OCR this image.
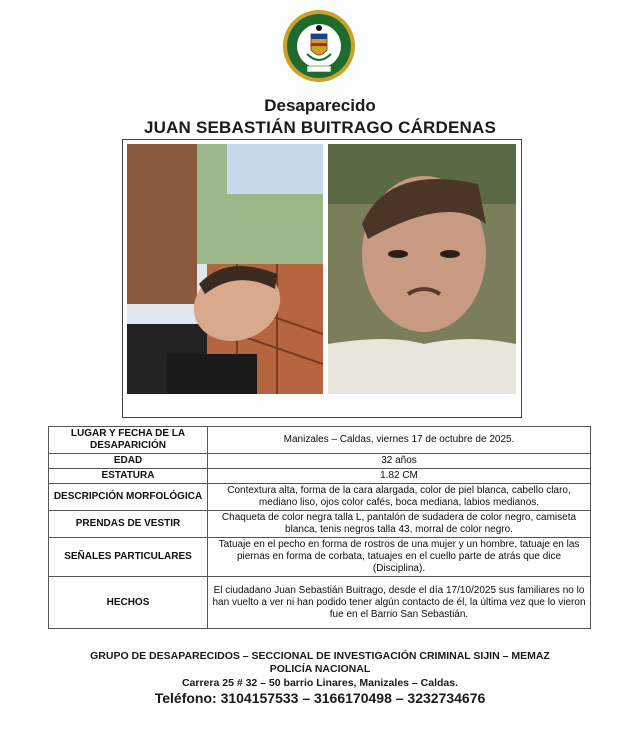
Desaparecido
JUAN SEBASTIÁN BUITRAGO CÁRDENAS
LUGAR Y FECHA DE LA DESAPARICIÓN	Manizales – Caldas, viernes 17 de octubre de 2025.
EDAD	32 años
ESTATURA	1.82 CM
DESCRIPCIÓN MORFOLÓGICA	Contextura alta, forma de la cara alargada, color de piel blanca, cabello claro, mediano liso, ojos color cafés, boca mediana, labios medianos.
PRENDAS DE VESTIR	Chaqueta de color negra talla L, pantalón de sudadera de color negro, camiseta blanca, tenis negros talla 43, morral de color negro.
SEÑALES PARTICULARES	Tatuaje en el pecho en forma de rostros de una mujer y un hombre, tatuaje en las piernas en forma de corbata, tatuajes en el cuello parte de atrás que dice (Disciplina).
HECHOS	El ciudadano Juan Sebastián Buitrago, desde el día 17/10/2025 sus familiares no lo han vuelto a ver ni han podido tener algún contacto de él, la última vez que lo vieron fue en el Barrio San Sebastián.
GRUPO DE DESAPARECIDOS – SECCIONAL DE INVESTIGACIÓN CRIMINAL SIJIN – MEMAZ
POLICÍA NACIONAL
Carrera 25 # 32 – 50 barrio Linares, Manizales – Caldas.
Teléfono: 3104157533 – 3166170498 – 3232734676
